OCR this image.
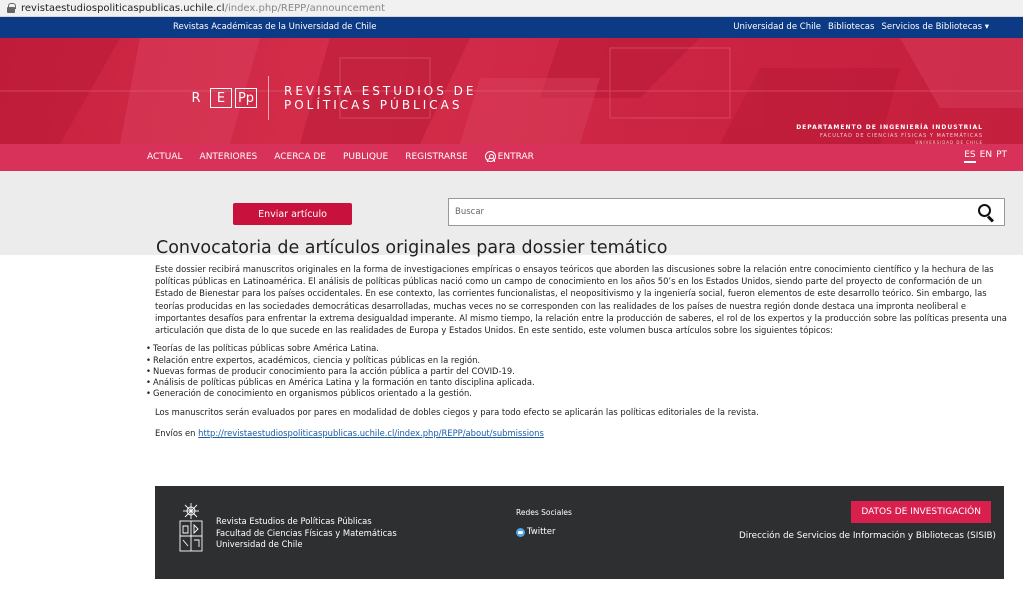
revistaestudiospoliticaspublicas.uchile.cl /index.php/REPP/announcement
Revistas Académicas de la Universidad de Chile	Universidad de Chile Bibliotecas Servicios de Bibliotecas ▾
R	E Pp REVISTA ESTUDIOS DE
POLÍTICAS PÚBLICAS
DEPARTAMENTO DE INGENIERÍA INDUSTRIAL
FACULTAD DE CIENCIAS FÍSICAS Y MATEMÁTICAS
UNIVERSIDAD DE CHILE
ACTUAL ANTERIORES ACERCA DE PUBLIQUE REGISTRARSE	ENTRAR	ES EN PT
Enviar artículo
Buscar
Convocatoria de artículos originales para dossier temático

Este dossier recibirá manuscritos originales en la forma de investigaciones empíricas o ensayos teóricos que aborden las discusiones sobre la relación entre conocimiento científico y la hechura de las políticas públicas en Latinoamérica. El análisis de políticas públicas nació como un campo de conocimiento en los años 50’s en los Estados Unidos, siendo parte del proyecto de conformación de un Estado de Bienestar para los países occidentales. En ese contexto, las corrientes funcionalistas, el neopositivismo y la ingeniería social, fueron elementos de este desarrollo teórico. Sin embargo, las teorías producidas en las sociedades democráticas desarrolladas, muchas veces no se corresponden con las realidades de los países de nuestra región donde destaca una impronta neoliberal e importantes desafíos para enfrentar la extrema desigualdad imperante. Al mismo tiempo, la relación entre la producción de saberes, el rol de los expertos y la producción sobre las políticas presenta una articulación que dista de lo que sucede en las realidades de Europa y Estados Unidos. En este sentido, este volumen busca artículos sobre los siguientes tópicos:

• Teorías de las políticas públicas sobre América Latina.
• Relación entre expertos, académicos, ciencia y políticas públicas en la región.
• Nuevas formas de producir conocimiento para la acción pública a partir del COVID-19.
• Análisis de políticas públicas en América Latina y la formación en tanto disciplina aplicada.
• Generación de conocimiento en organismos públicos orientado a la gestión.

Los manuscritos serán evaluados por pares en modalidad de dobles ciegos y para todo efecto se aplicarán las políticas editoriales de la revista.

Envíos en http://revistaestudiospoliticaspublicas.uchile.cl/index.php/REPP/about/submissions

Revista Estudios de Políticas Públicas
Facultad de Ciencias Físicas y Matemáticas
Universidad de Chile
Redes Sociales
Twitter
DATOS DE INVESTIGACIÓN
Dirección de Servicios de Información y Bibliotecas (SISIB)
